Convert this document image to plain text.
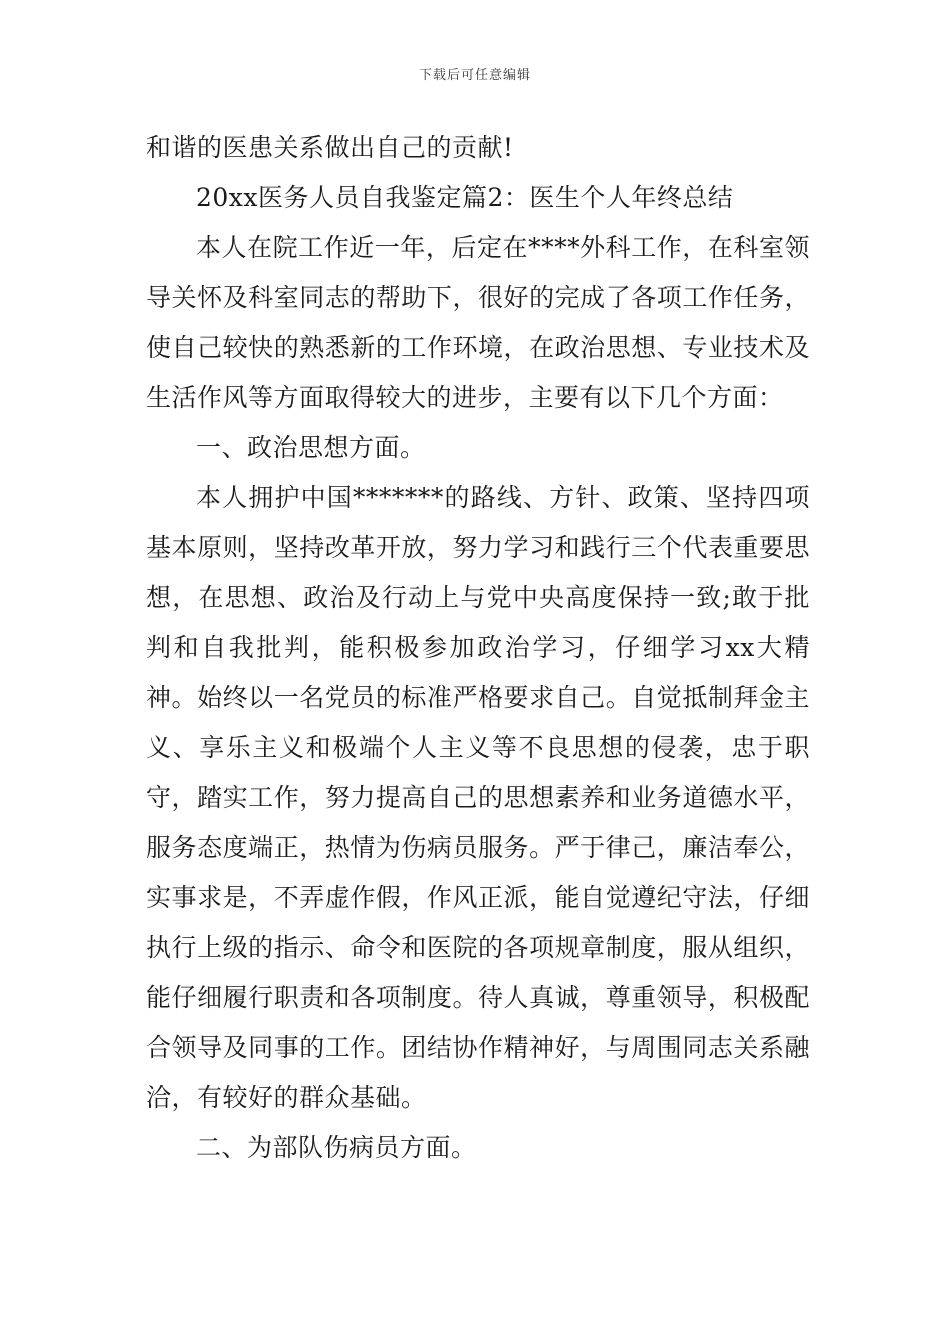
下载后可任意编辑

和谐的医患关系做出自己的贡献!

20xx医务人员自我鉴定篇2：医生个人年终总结

本人在院工作近一年，后定在****外科工作，在科室领导关怀及科室同志的帮助下，很好的完成了各项工作任务，使自己较快的熟悉新的工作环境，在政治思想、专业技术及生活作风等方面取得较大的进步，主要有以下几个方面：

一、政治思想方面。

本人拥护中国*******的路线、方针、政策、坚持四项基本原则，坚持改革开放，努力学习和践行三个代表重要思想，在思想、政治及行动上与党中央高度保持一致;敢于批判和自我批判，能积极参加政治学习，仔细学习xx大精神。始终以一名党员的标准严格要求自己。自觉抵制拜金主义、享乐主义和极端个人主义等不良思想的侵袭，忠于职守，踏实工作，努力提高自己的思想素养和业务道德水平，服务态度端正，热情为伤病员服务。严于律己，廉洁奉公，实事求是，不弄虚作假，作风正派，能自觉遵纪守法，仔细执行上级的指示、命令和医院的各项规章制度，服从组织，能仔细履行职责和各项制度。待人真诚，尊重领导，积极配合领导及同事的工作。团结协作精神好，与周围同志关系融洽，有较好的群众基础。

二、为部队伤病员方面。
